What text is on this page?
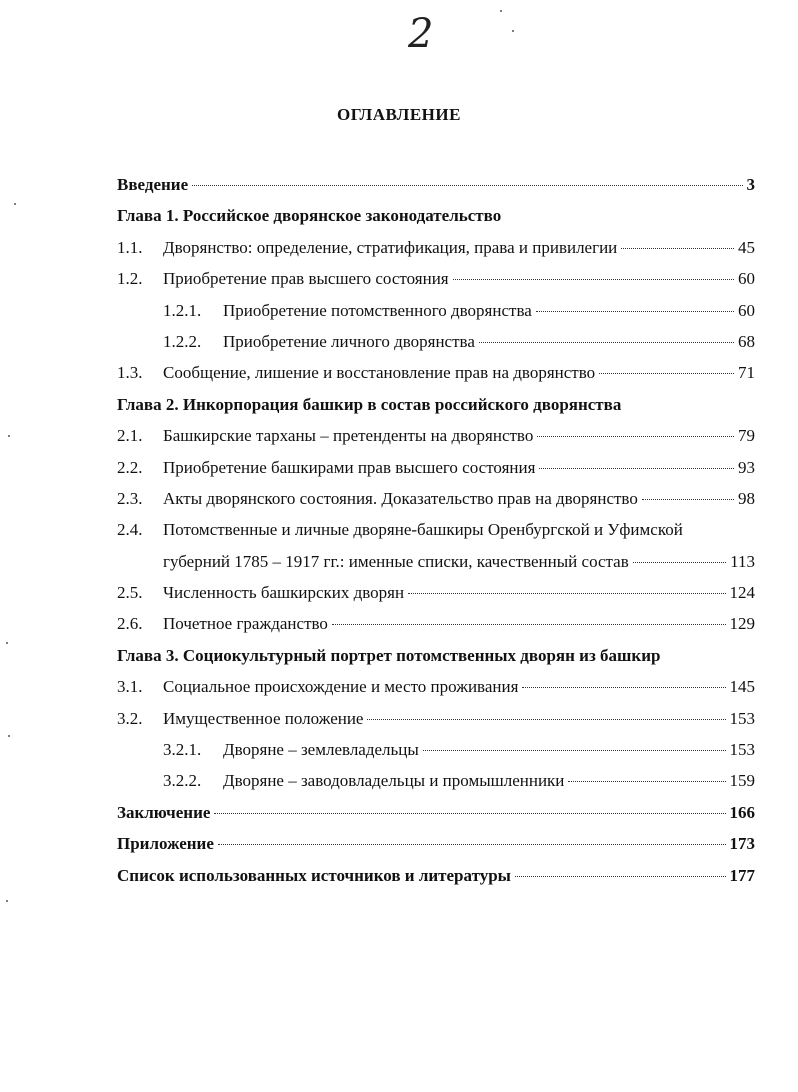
2
ОГЛАВЛЕНИЕ
Введение	3
Глава 1. Российское дворянское законодательство
1.1.	Дворянство: определение, стратификация, права и привилегии	45
1.2.	Приобретение прав высшего состояния	60
1.2.1.	Приобретение потомственного дворянства	60
1.2.2.	Приобретение личного дворянства	68
1.3.	Сообщение, лишение и восстановление прав на дворянство	71
Глава 2. Инкорпорация башкир в состав российского дворянства
2.1.	Башкирские тарханы – претенденты на дворянство	79
2.2.	Приобретение башкирами прав высшего состояния	93
2.3.	Акты дворянского состояния. Доказательство прав на дворянство	98
2.4. Потомственные и личные дворяне-башкиры Оренбургской и Уфимской
губерний 1785 – 1917 гг.: именные списки, качественный состав	113
2.5.	Численность башкирских дворян	124
2.6.	Почетное гражданство	129
Глава 3. Социокультурный портрет потомственных дворян из башкир
3.1.	Социальное происхождение и место проживания	145
3.2.	Имущественное положение	153
3.2.1.	Дворяне – землевладельцы	153
3.2.2.	Дворяне – заводовладельцы и промышленники	159
Заключение	166
Приложение	173
Список использованных источников и литературы	177
